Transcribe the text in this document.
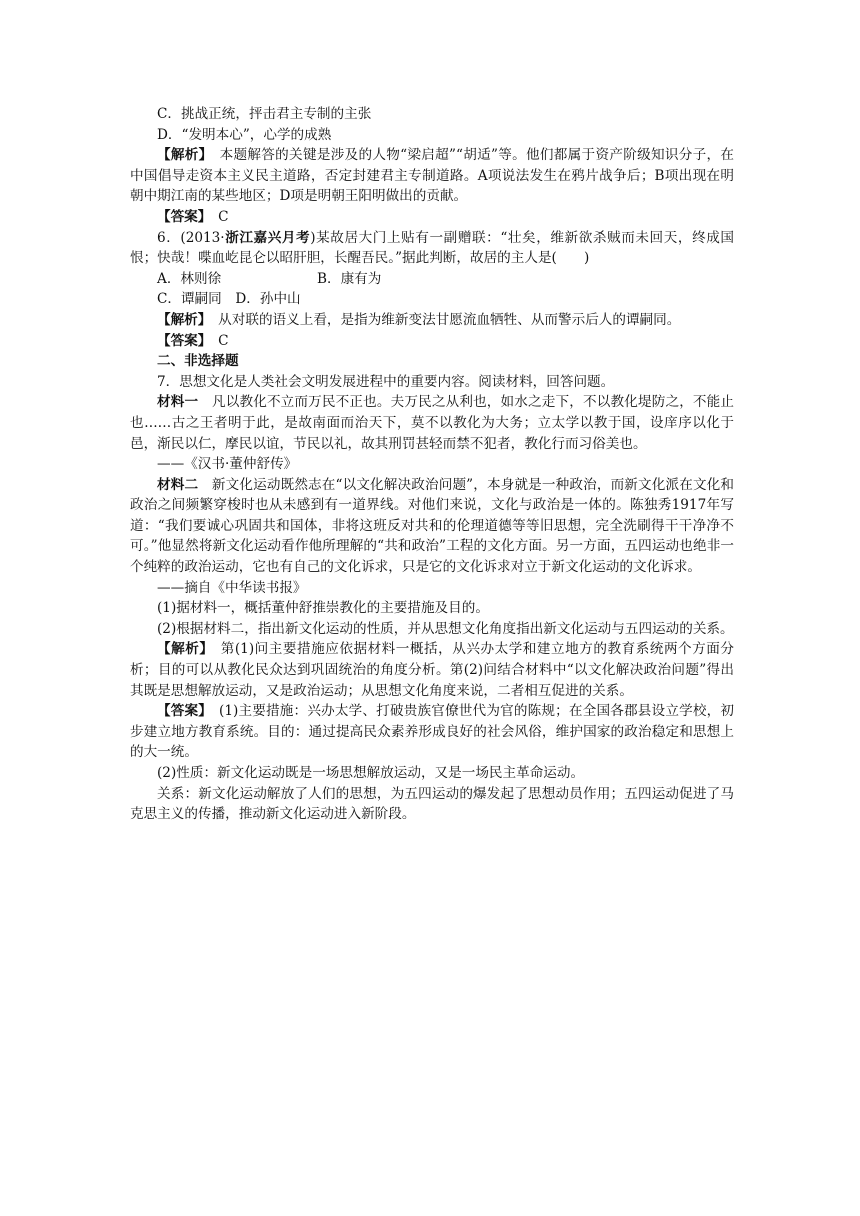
C．挑战正统，抨击君主专制的主张

D．“发明本心”，心学的成熟

【解析】　本题解答的关键是涉及的人物“梁启超”“胡适”等。他们都属于资产阶级知识分子，在中国倡导走资本主义民主道路，否定封建君主专制道路。A项说法发生在鸦片战争后；B项出现在明朝中期江南的某些地区；D项是明朝王阳明做出的贡献。

【答案】　C

6．(2013·浙江嘉兴月考)某故居大门上贴有一副赠联：“壮矣，维新欲杀贼而未回天，终成国恨；快哉！喋血屹昆仑以昭肝胆，长醒吾民。”据此判断，故居的主人是(　　)

A．林则徐	B．康有为

C．谭嗣同　D．孙中山

【解析】　从对联的语义上看，是指为维新变法甘愿流血牺牲、从而警示后人的谭嗣同。

【答案】　C

二、非选择题

7．思想文化是人类社会文明发展进程中的重要内容。阅读材料，回答问题。

材料一　凡以教化不立而万民不正也。夫万民之从利也，如水之走下，不以教化堤防之，不能止也……古之王者明于此，是故南面而治天下，莫不以教化为大务；立太学以教于国，设庠序以化于邑，渐民以仁，摩民以谊，节民以礼，故其刑罚甚轻而禁不犯者，教化行而习俗美也。

——《汉书·董仲舒传》

材料二　新文化运动既然志在“以文化解决政治问题”，本身就是一种政治，而新文化派在文化和政治之间频繁穿梭时也从未感到有一道界线。对他们来说，文化与政治是一体的。陈独秀1917年写道：“我们要诚心巩固共和国体，非将这班反对共和的伦理道德等等旧思想，完全洗刷得干干净净不可。”他显然将新文化运动看作他所理解的“共和政治”工程的文化方面。另一方面，五四运动也绝非一个纯粹的政治运动，它也有自己的文化诉求，只是它的文化诉求对立于新文化运动的文化诉求。

——摘自《中华读书报》

(1)据材料一，概括董仲舒推崇教化的主要措施及目的。

(2)根据材料二，指出新文化运动的性质，并从思想文化角度指出新文化运动与五四运动的关系。

【解析】　第(1)问主要措施应依据材料一概括，从兴办太学和建立地方的教育系统两个方面分析；目的可以从教化民众达到巩固统治的角度分析。第(2)问结合材料中“以文化解决政治问题”得出其既是思想解放运动，又是政治运动；从思想文化角度来说，二者相互促进的关系。

【答案】　(1)主要措施：兴办太学、打破贵族官僚世代为官的陈规；在全国各郡县设立学校，初步建立地方教育系统。目的：通过提高民众素养形成良好的社会风俗，维护国家的政治稳定和思想上的大一统。

(2)性质：新文化运动既是一场思想解放运动，又是一场民主革命运动。

关系：新文化运动解放了人们的思想，为五四运动的爆发起了思想动员作用；五四运动促进了马克思主义的传播，推动新文化运动进入新阶段。
